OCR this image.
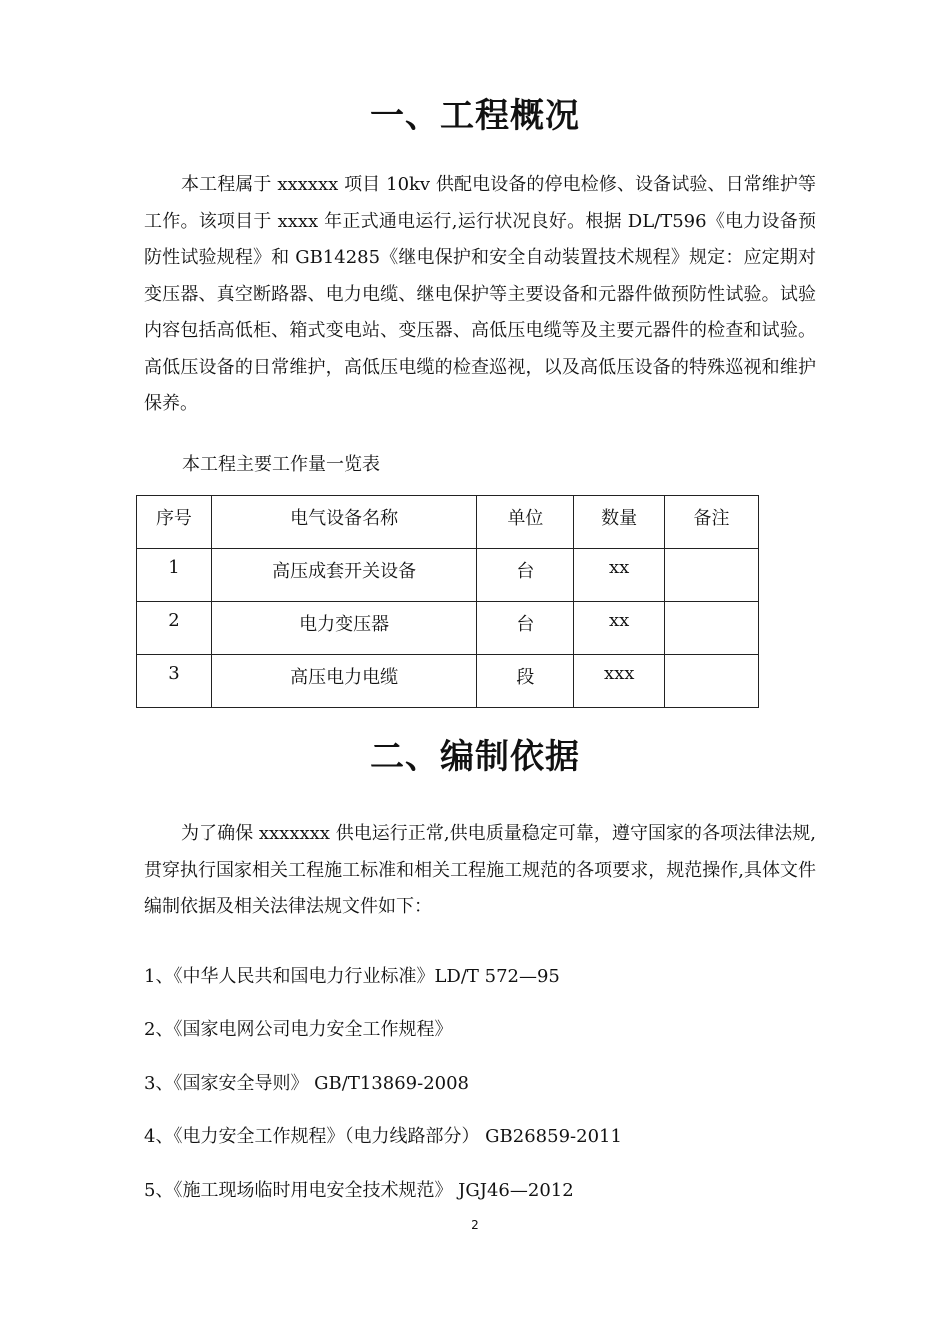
一、工程概况

本工程属于 xxxxxx 项目 10kv 供配电设备的停电检修、设备试验、日常维护等工作。该项目于 xxxx 年正式通电运行,运行状况良好。根据 DL/T596《电力设备预防性试验规程》和 GB14285《继电保护和安全自动装置技术规程》规定：应定期对变压器、真空断路器、电力电缆、继电保护等主要设备和元器件做预防性试验。试验内容包括高低柜、箱式变电站、变压器、高低压电缆等及主要元器件的检查和试验。高低压设备的日常维护，高低压电缆的检查巡视，以及高低压设备的特殊巡视和维护保养。

本工程主要工作量一览表

序号	电气设备名称	单位	数量	备注
1	高压成套开关设备	台	xx	
2	电力变压器	台	xx	
3	高压电力电缆	段	xxx	
二、编制依据

为了确保 xxxxxxx 供电运行正常,供电质量稳定可靠，遵守国家的各项法律法规,贯穿执行国家相关工程施工标准和相关工程施工规范的各项要求，规范操作,具体文件编制依据及相关法律法规文件如下：

1、《中华人民共和国电力行业标准》LD/T 572—95

2、《国家电网公司电力安全工作规程》

3、《国家安全导则》 GB/T13869-2008

4、《电力安全工作规程》（电力线路部分） GB26859-2011

5、《施工现场临时用电安全技术规范》 JGJ46—2012

2
